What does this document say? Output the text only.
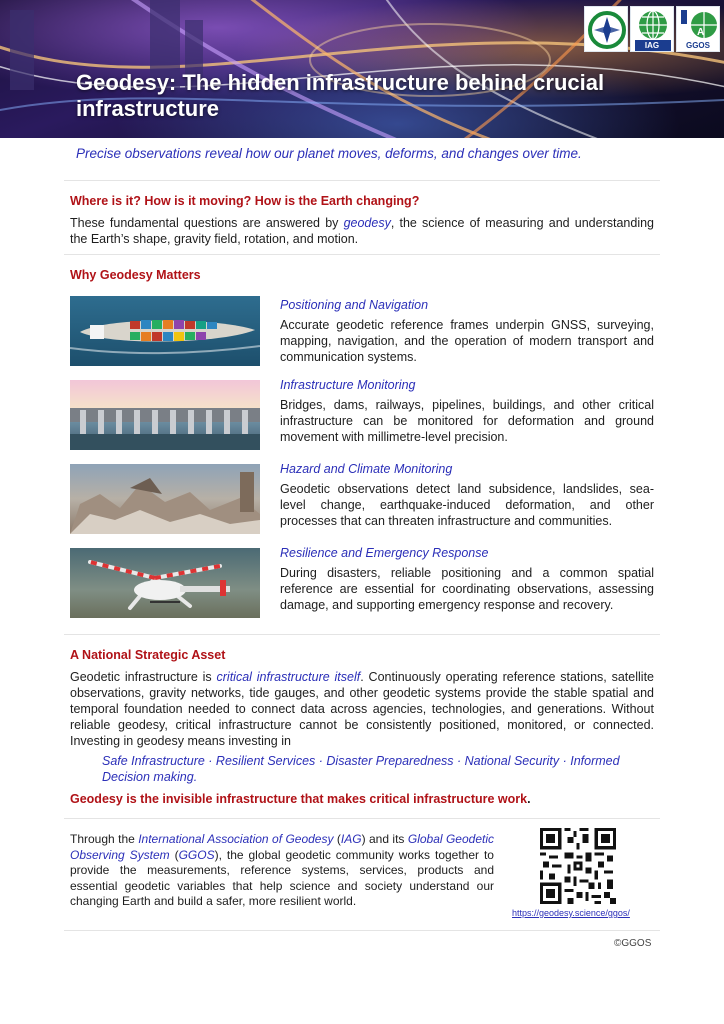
IAG
A
GGOS
Geodesy: The hidden infrastructure behind crucial infrastructure
Precise observations reveal how our planet moves, deforms, and changes over time.
Where is it? How is it moving? How is the Earth changing?
These fundamental questions are answered by geodesy, the science of measuring and understanding the Earth’s shape, gravity field, rotation, and motion.
Why Geodesy Matters
Positioning and Navigation
Accurate geodetic reference frames underpin GNSS, surveying, mapping, navigation, and the operation of modern transport and communication systems.
Infrastructure Monitoring
Bridges, dams, railways, pipelines, buildings, and other critical infrastructure can be monitored for deformation and ground movement with millimetre-level precision.
Hazard and Climate Monitoring
Geodetic observations detect land subsidence, landslides, sea-level change, earthquake-induced deformation, and other processes that can threaten infrastructure and communities.
Resilience and Emergency Response
During disasters, reliable positioning and a common spatial reference are essential for coordinating observations, assessing damage, and supporting emergency response and recovery.
A National Strategic Asset
Geodetic infrastructure is critical infrastructure itself. Continuously operating reference stations, satellite observations, gravity networks, tide gauges, and other geodetic systems provide the stable spatial and temporal foundation needed to connect data across agencies, technologies, and generations. Without reliable geodesy, critical infrastructure cannot be consistently positioned, monitored, or connected. Investing in geodesy means investing in
Safe Infrastructure · Resilient Services · Disaster Preparedness · National Security · Informed Decision making.
Geodesy is the invisible infrastructure that makes critical infrastructure work.
Through the International Association of Geodesy (IAG) and its Global Geodetic Observing System (GGOS), the global geodetic community works together to provide the measurements, reference systems, services, products and essential geodetic variables that help science and society understand our changing Earth and build a safer, more resilient world.
https://geodesy.science/ggos/
©GGOS
